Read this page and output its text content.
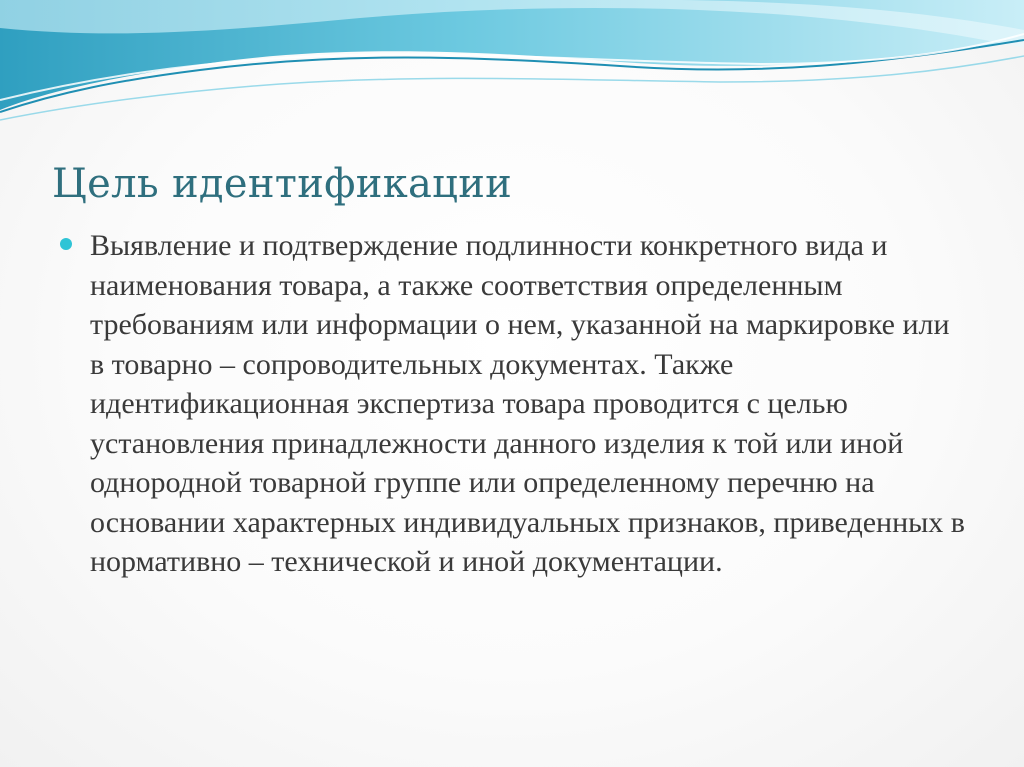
Цель идентификации

Выявление и подтверждение подлинности конкретного вида и наименования товара, а также соответствия определенным требованиям или информации о нем, указанной на маркировке или в товарно – сопроводительных документах. Также идентификационная экспертиза товара проводится с целью установления принадлежности данного изделия к той или иной однородной товарной группе или определенному перечню на основании характерных индивидуальных признаков, приведенных в нормативно – технической и иной документации.
